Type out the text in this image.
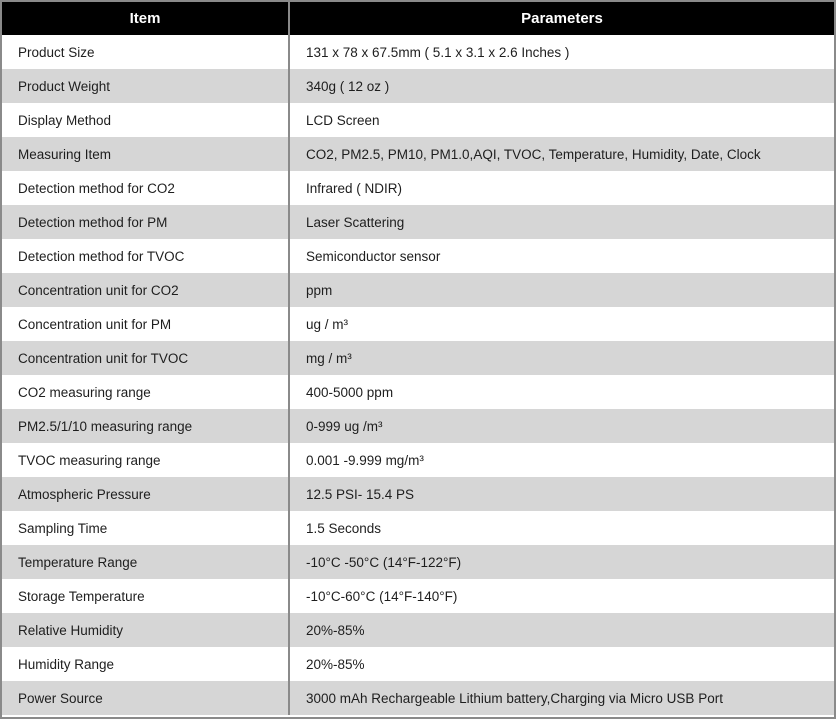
Item	Parameters
Product Size	131 x 78 x 67.5mm ( 5.1 x 3.1 x 2.6 Inches )
Product Weight	340g ( 12 oz )
Display Method	LCD Screen
Measuring Item	CO2, PM2.5, PM10, PM1.0,AQI, TVOC, Temperature, Humidity, Date, Clock
Detection method for CO2	Infrared ( NDIR)
Detection method for PM	Laser Scattering
Detection method for TVOC	Semiconductor sensor
Concentration unit for CO2	ppm
Concentration unit for PM	ug / m³
Concentration unit for TVOC	mg / m³
CO2 measuring range	400-5000 ppm
PM2.5/1/10 measuring range	0-999 ug /m³
TVOC measuring range	0.001 -9.999 mg/m³
Atmospheric Pressure	12.5 PSI- 15.4 PS
Sampling Time	1.5 Seconds
Temperature Range	-10°C -50°C (14°F-122°F)
Storage Temperature	-10°C-60°C (14°F-140°F)
Relative Humidity	20%-85%
Humidity Range	20%-85%
Power Source	3000 mAh Rechargeable Lithium battery,Charging via Micro USB Port
